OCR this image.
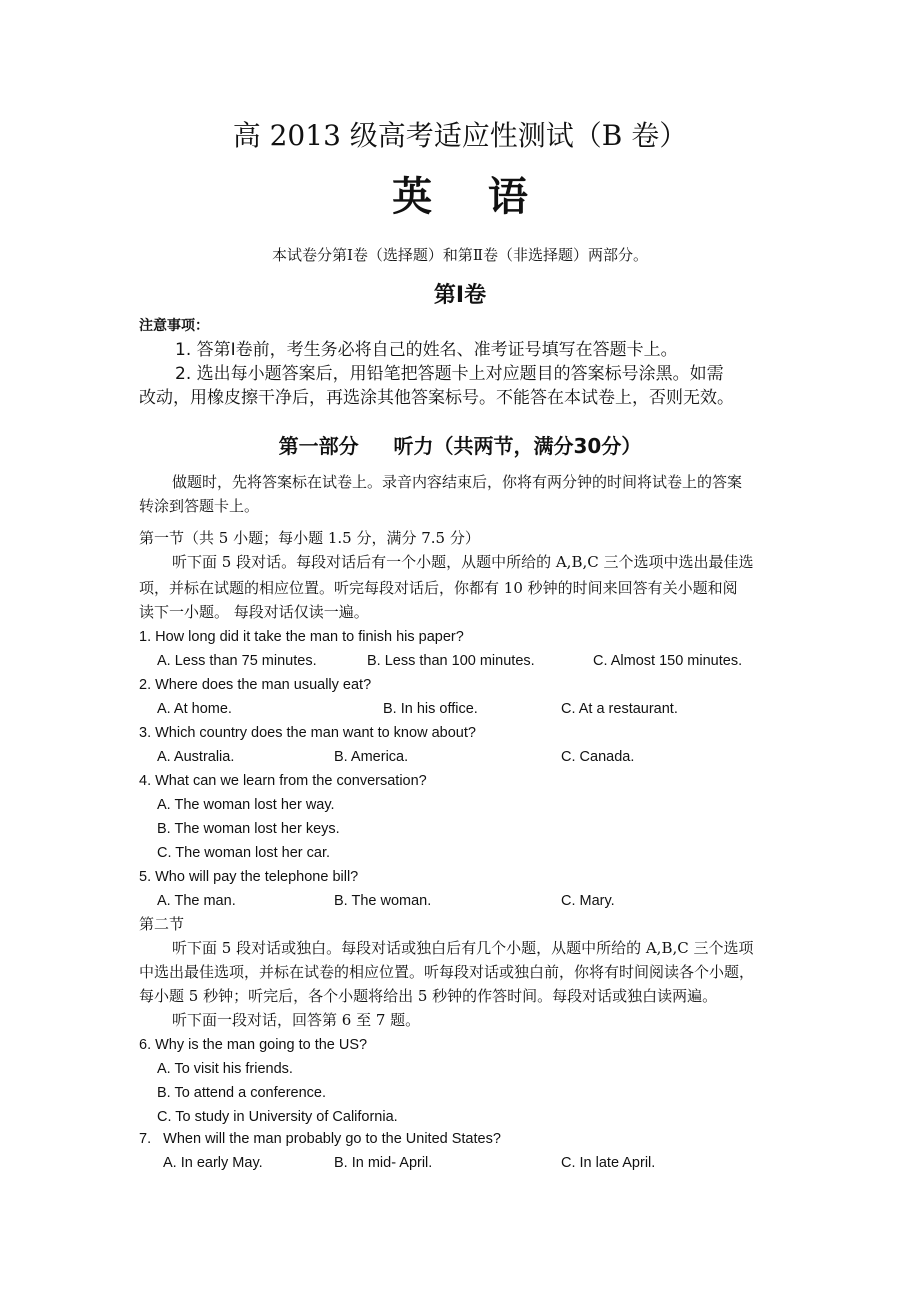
高 2013 级高考适应性测试（B 卷）
英    语
本试卷分第Ⅰ卷（选择题）和第Ⅱ卷（非选择题）两部分。
第Ⅰ卷
注意事项：
1. 答第Ⅰ卷前，考生务必将自己的姓名、准考证号填写在答题卡上。
2. 选出每小题答案后，用铅笔把答题卡上对应题目的答案标号涂黑。如需
改动，用橡皮擦干净后，再选涂其他答案标号。不能答在本试卷上，否则无效。
第一部分     听力（共两节，满分30分）
做题时，先将答案标在试卷上。录音内容结束后，你将有两分钟的时间将试卷上的答案
转涂到答题卡上。
第一节（共 5 小题；每小题 1.5 分，满分 7.5 分）
听下面 5 段对话。每段对话后有一个小题，从题中所给的 A,B,C 三个选项中选出最佳选
项，并标在试题的相应位置。听完每段对话后，你都有 10 秒钟的时间来回答有关小题和阅
读下一小题。 每段对话仅读一遍。
1. How long did it take the man to finish his paper?
A. Less than 75 minutes.	B. Less than 100 minutes.	C. Almost 150 minutes.
2. Where does the man usually eat?
A. At home.	B. In his office.	C. At a restaurant.
3. Which country does the man want to know about?
A. Australia.	B. America.	C. Canada.
4. What can we learn from the conversation?
A. The woman lost her way.
B. The woman lost her keys.
C. The woman lost her car.
5. Who will pay the telephone bill?
A. The man.	B. The woman.	C. Mary.
第二节
听下面 5 段对话或独白。每段对话或独白后有几个小题，从题中所给的 A,B,C 三个选项
中选出最佳选项，并标在试卷的相应位置。听每段对话或独白前，你将有时间阅读各个小题，
每小题 5 秒钟；听完后，各个小题将给出 5 秒钟的作答时间。每段对话或独白读两遍。
听下面一段对话，回答第 6 至 7 题。
6. Why is the man going to the US?
A. To visit his friends.
B. To attend a conference.
C. To study in University of California.
7.   When will the man probably go to the United States?
A. In early May.	B. In mid- April.	C. In late April.
